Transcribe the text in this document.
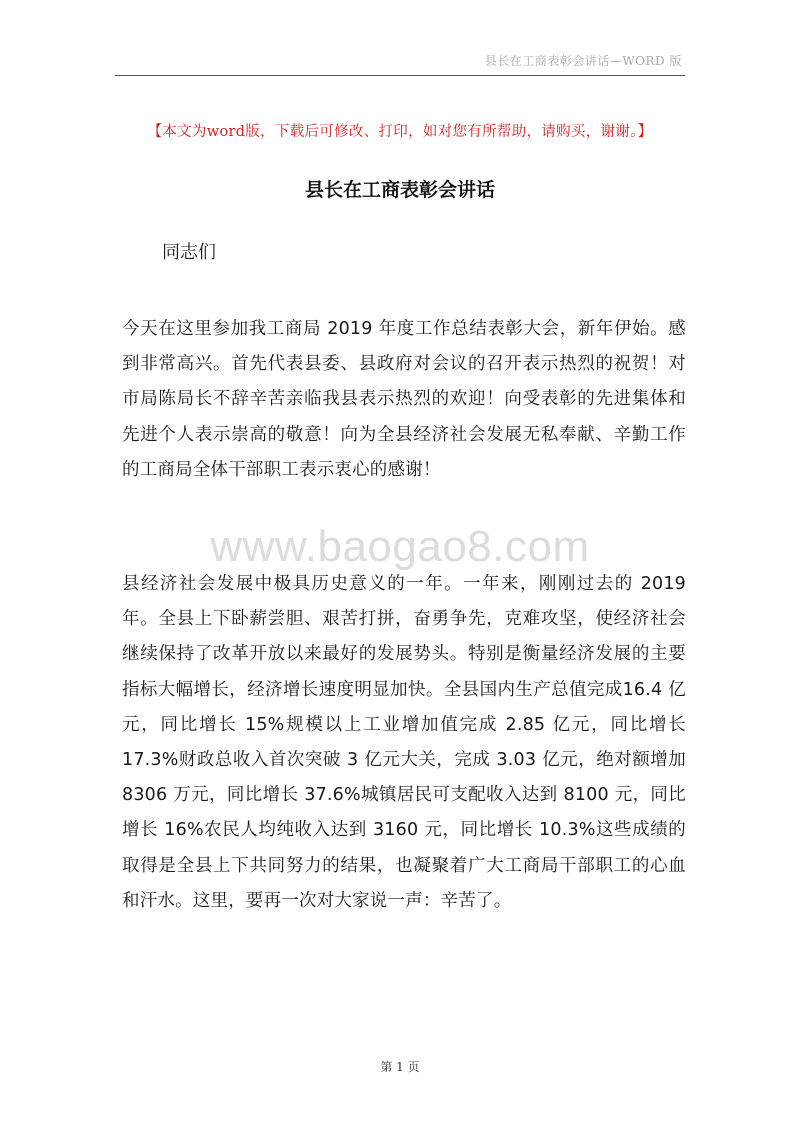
县长在工商表彰会讲话—WORD 版
【本文为word版，下载后可修改、打印，如对您有所帮助，请购买，谢谢。】
县长在工商表彰会讲话
同志们

今天在这里参加我工商局 2019 年度工作总结表彰大会，新年伊始。感到非常高兴。首先代表县委、县政府对会议的召开表示热烈的祝贺！对市局陈局长不辞辛苦亲临我县表示热烈的欢迎！向受表彰的先进集体和先进个人表示崇高的敬意！向为全县经济社会发展无私奉献、辛勤工作的工商局全体干部职工表示衷心的感谢！

www.baogao8.com

县经济社会发展中极具历史意义的一年。一年来，刚刚过去的 2019年。全县上下卧薪尝胆、艰苦打拼，奋勇争先，克难攻坚，使经济社会继续保持了改革开放以来最好的发展势头。特别是衡量经济发展的主要指标大幅增长，经济增长速度明显加快。全县国内生产总值完成16.4 亿元，同比增长 15%规模以上工业增加值完成 2.85 亿元，同比增长 17.3%财政总收入首次突破 3 亿元大关，完成 3.03 亿元，绝对额增加 8306 万元，同比增长 37.6%城镇居民可支配收入达到 8100 元，同比增长 16%农民人均纯收入达到 3160 元，同比增长 10.3%这些成绩的取得是全县上下共同努力的结果，也凝聚着广大工商局干部职工的心血和汗水。这里，要再一次对大家说一声：辛苦了。

第 1 页
